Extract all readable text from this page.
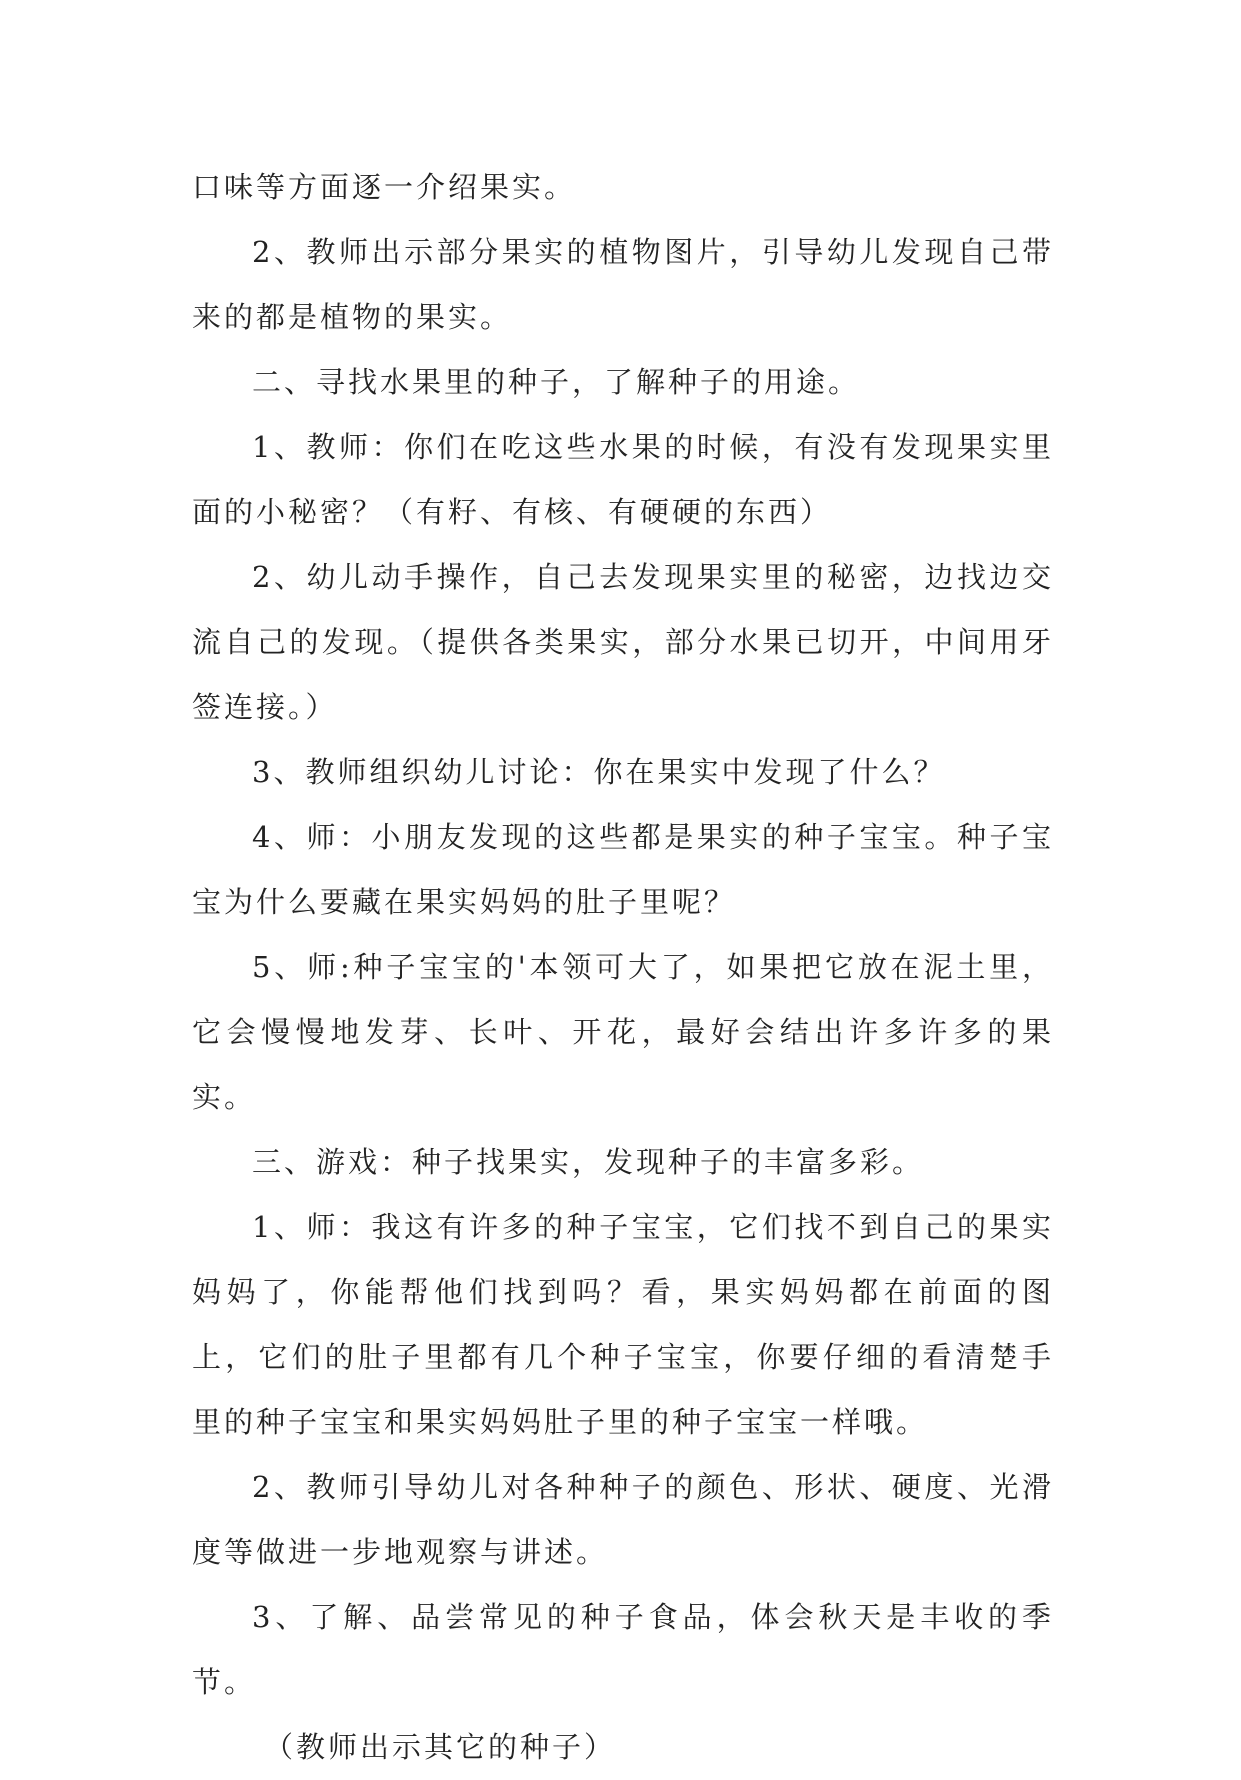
口味等方面逐一介绍果实。

2、教师出示部分果实的植物图片，引导幼儿发现自己带来的都是植物的果实。

二、寻找水果里的种子，了解种子的用途。

1、教师：你们在吃这些水果的时候，有没有发现果实里面的小秘密？（有籽、有核、有硬硬的东西）

2、幼儿动手操作，自己去发现果实里的秘密，边找边交流自己的发现。（提供各类果实，部分水果已切开，中间用牙签连接。）

3、教师组织幼儿讨论：你在果实中发现了什么？

4、师：小朋友发现的这些都是果实的种子宝宝。种子宝宝为什么要藏在果实妈妈的肚子里呢？

5、师:种子宝宝的'本领可大了，如果把它放在泥土里，它会慢慢地发芽、长叶、开花，最好会结出许多许多的果实。

三、游戏：种子找果实，发现种子的丰富多彩。

1、师：我这有许多的种子宝宝，它们找不到自己的果实妈妈了，你能帮他们找到吗？看，果实妈妈都在前面的图上，它们的肚子里都有几个种子宝宝，你要仔细的看清楚手里的种子宝宝和果实妈妈肚子里的种子宝宝一样哦。

2、教师引导幼儿对各种种子的颜色、形状、硬度、光滑度等做进一步地观察与讲述。

3、了解、品尝常见的种子食品，体会秋天是丰收的季节。

（教师出示其它的种子）
